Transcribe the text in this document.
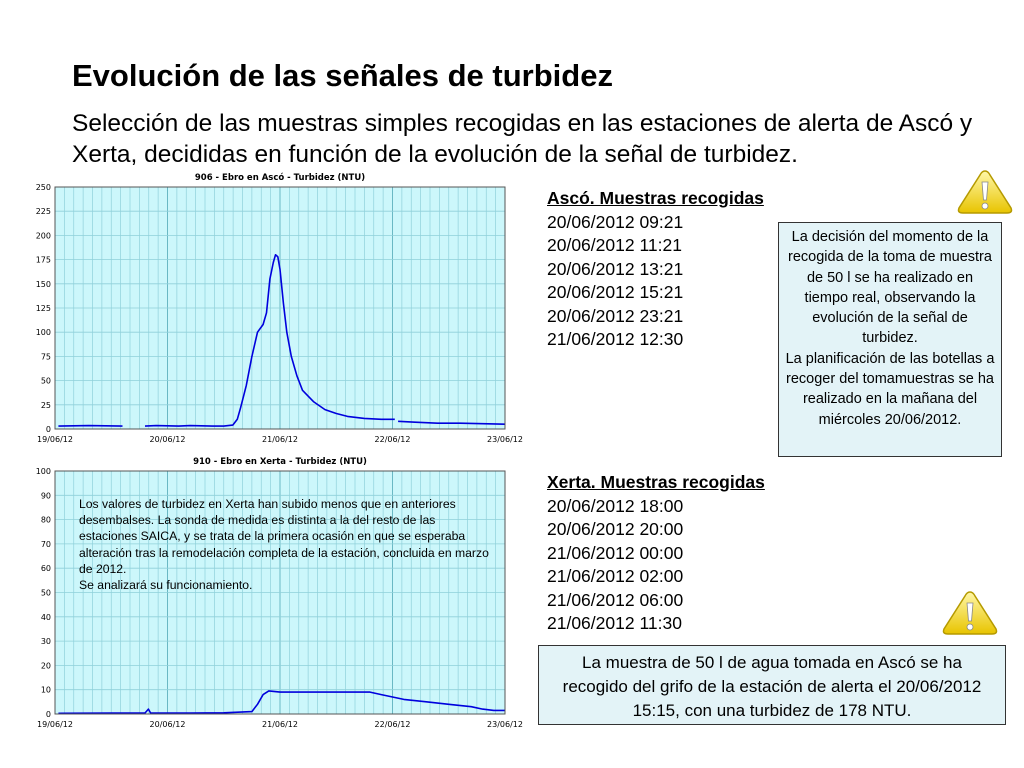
Evolución de las señales de turbidez
Selección de las muestras simples recogidas en las estaciones de alerta de Ascó y Xerta, decididas en función de la evolución de la señal de turbidez.
906 - Ebro en Ascó - Turbidez (NTU)
0
25
50
75
100
125
150
175
200
225
250
19/06/12	20/06/12	21/06/12	22/06/12	23/06/12
910 - Ebro en Xerta - Turbidez (NTU)
0
10
20
30
40
50
60
70
80
90
100
19/06/12	20/06/12	21/06/12	22/06/12	23/06/12
Los valores de turbidez en Xerta han subido menos que en anteriores desembalses. La sonda de medida es distinta a la del resto de las estaciones SAICA, y se trata de la primera ocasión en que se esperaba alteración tras la remodelación completa de la estación, concluida en marzo de 2012.
Se analizará su funcionamiento.
Ascó. Muestras recogidas
20/06/2012 09:21
20/06/2012 11:21
20/06/2012 13:21
20/06/2012 15:21
20/06/2012 23:21
21/06/2012 12:30
Xerta. Muestras recogidas
20/06/2012 18:00
20/06/2012 20:00
21/06/2012 00:00
21/06/2012 02:00
21/06/2012 06:00
21/06/2012 11:30
La decisión del momento de la recogida de la toma de muestra de 50 l se ha realizado en tiempo real, observando la evolución de la señal de turbidez.
La planificación de las botellas a recoger del tomamuestras se ha realizado en la mañana del miércoles 20/06/2012.
La muestra de 50 l de agua tomada en Ascó se ha recogido del grifo de la estación de alerta el 20/06/2012 15:15, con una turbidez de 178 NTU.
